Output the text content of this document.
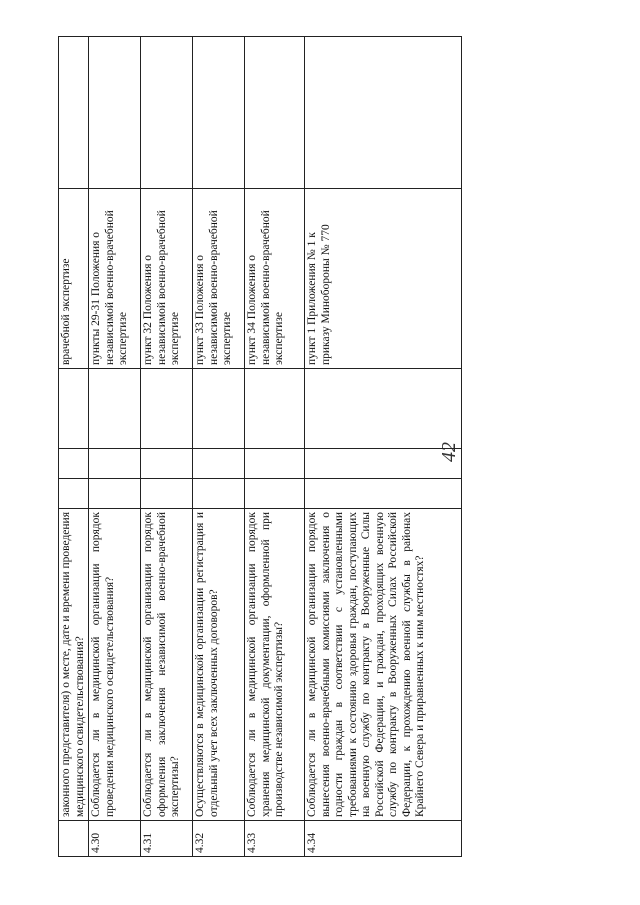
42
	законного представителя) о месте, дате и времени проведения медицинского освидетельствования?				врачебной экспертизе	
4.30	Соблюдается ли в медицинской организации порядок проведения медицинского освидетельствования?				пункты 29-31 Положения о независимой военно-врачебной экспертизе	
4.31	Соблюдается ли в медицинской организации порядок оформления заключения независимой военно-врачебной экспертизы?				пункт 32 Положения о независимой военно-врачебной экспертизе	
4.32	Осуществляются в медицинской организации регистрация и отдельный учет всех заключенных договоров?				пункт 33 Положения о независимой военно-врачебной экспертизе	
4.33	Соблюдается ли в медицинской организации порядок хранения медицинской документации, оформленной при производстве независимой экспертизы?				пункт 34 Положения о независимой военно-врачебной экспертизе	
4.34	Соблюдается ли в медицинской организации порядок вынесения военно-врачебными комиссиями заключения о годности граждан в соответствии с установленными требованиями к состоянию здоровья граждан, поступающих на военную службу по контракту в Вооруженные Силы Российской Федерации, и граждан, проходящих военную службу по контракту в Вооруженных Силах Российской Федерации, к прохождению военной службы в районах Крайнего Севера и приравненных к ним местностях?				пункт 1 Приложения № 1 к приказу Минобороны № 770	
